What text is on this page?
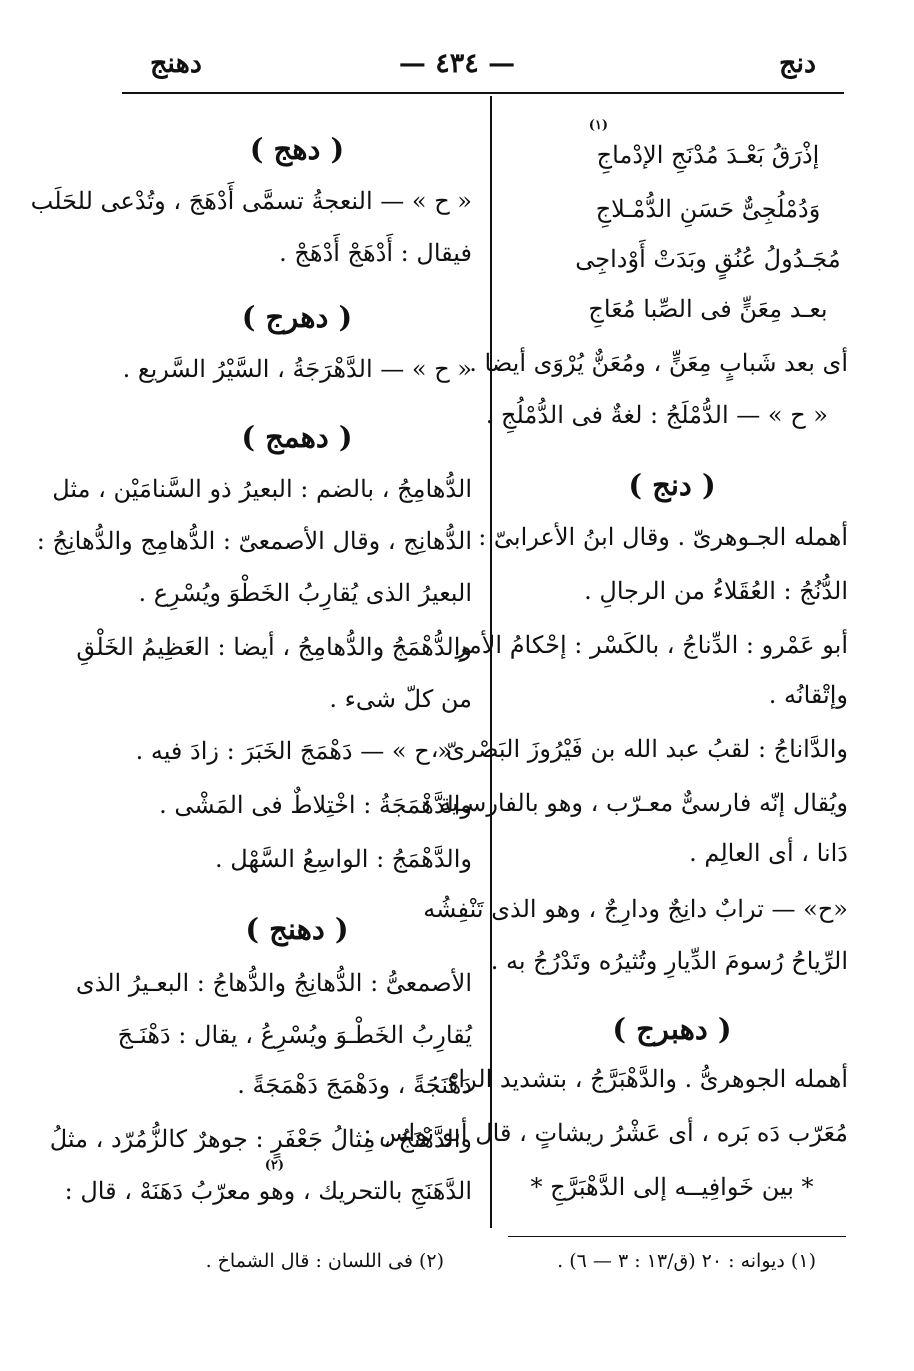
دنج
— ٤٣٤ —
دهنج
إذْرَقُ بَعْـدَ مُدْنَجِ الإدْماجِ
(١)
وَدُمْلُجِىٌّ حَسَنِ الدُّمْـلاجِ
مُجَـدُولُ عُنُقٍ وبَدَتْ أَوْداجِى
بعـد مِعَنٍّ فى الصِّبا مُعَاجِ
أى بعد شَبابٍ مِعَنٍّ ، ومُعَنٌّ يُرْوَى أيضا .
« ح » — الدُّمْلَجُ : لغةٌ فى الدُّمْلُجِ .
( دنج )
أهمله الجـوهرىّ . وقال ابنُ الأعرابىّ :
الدُّنُجُ : العُقَلاءُ من الرجالِ .
أبو عَمْرو : الدِّناجُ ، بالكَسْر : إحْكامُ الأمرِ
وإتْقانُه .
والدَّاناجُ : لقبُ عبد الله بن فَيْرُوزَ البَصْرىّ ،
ويُقال إنّه فارسىٌّ معـرّب ، وهو بالفارسـية :
دَانا ، أى العالِم .
«ح» — ترابٌ دانِجٌ ودارِجٌ ، وهو الذى تَنْفِشُه
الرِّياحُ رُسومَ الدِّيارِ وتُثيرُه وتَدْرُجُ به .
( دهبرج )
أهمله الجوهرىُّ . والدَّهْبَرَّجُ ، بتشديد الراء :
مُعَرّب دَه بَره ، أى عَشْرُ ريشاتٍ ، قال أبو نواس :
* بين خَوافِيــه إلى الدَّهْبَرَّجِ *
( دهج )
« ح » — النعجةُ تسمَّى أَدْهَجَ ، وتُدْعى للحَلَب
فيقال : أَدْهَجْ أَدْهَجْ .
( دهرج )
« ح » — الدَّهْرَجَةُ ، السَّيْرُ السَّريع .
( دهمج )
الدُّهامِجُ ، بالضم : البعيرُ ذو السَّنامَيْن ، مثل
الدُّهانِج ، وقال الأصمعىّ : الدُّهامِج والدُّهانِجُ :
البعيرُ الذى يُقارِبُ الخَطْوَ ويُسْرِع .
والدُّهْمَجُ والدُّهامِجُ ، أيضا : العَظِيمُ الخَلْقِ
من كلّ شىء .
« ح » — دَهْمَجَ الخَبَرَ : زادَ فيه .
والدَّهْمَجَةُ : اخْتِلاطٌ فى المَشْى .
والدَّهْمَجُ : الواسِعُ السَّهْل .
( دهنج )
الأصمعىُّ : الدُّهانِجُ والدُّهاجُ : البعـيرُ الذى
يُقارِبُ الخَطْـوَ ويُسْرِعُ ، يقال : دَهْنَـجَ
دَهْنَجَةً ، ودَهْمَجَ دَهْمَجَةً .
والدَّهْنَجُ ، مِثالُ جَعْفَرٍ : جوهرٌ كالزُّمُرّد ، مثلُ
(٢)
الدَّهَنَجِ بالتحريك ، وهو معرّبُ دَهَنَهْ ، قال :
(١) ديوانه : ٢٠ (ق/١٣ : ٣ — ٦) .
(٢) فى اللسان : قال الشماخ .
